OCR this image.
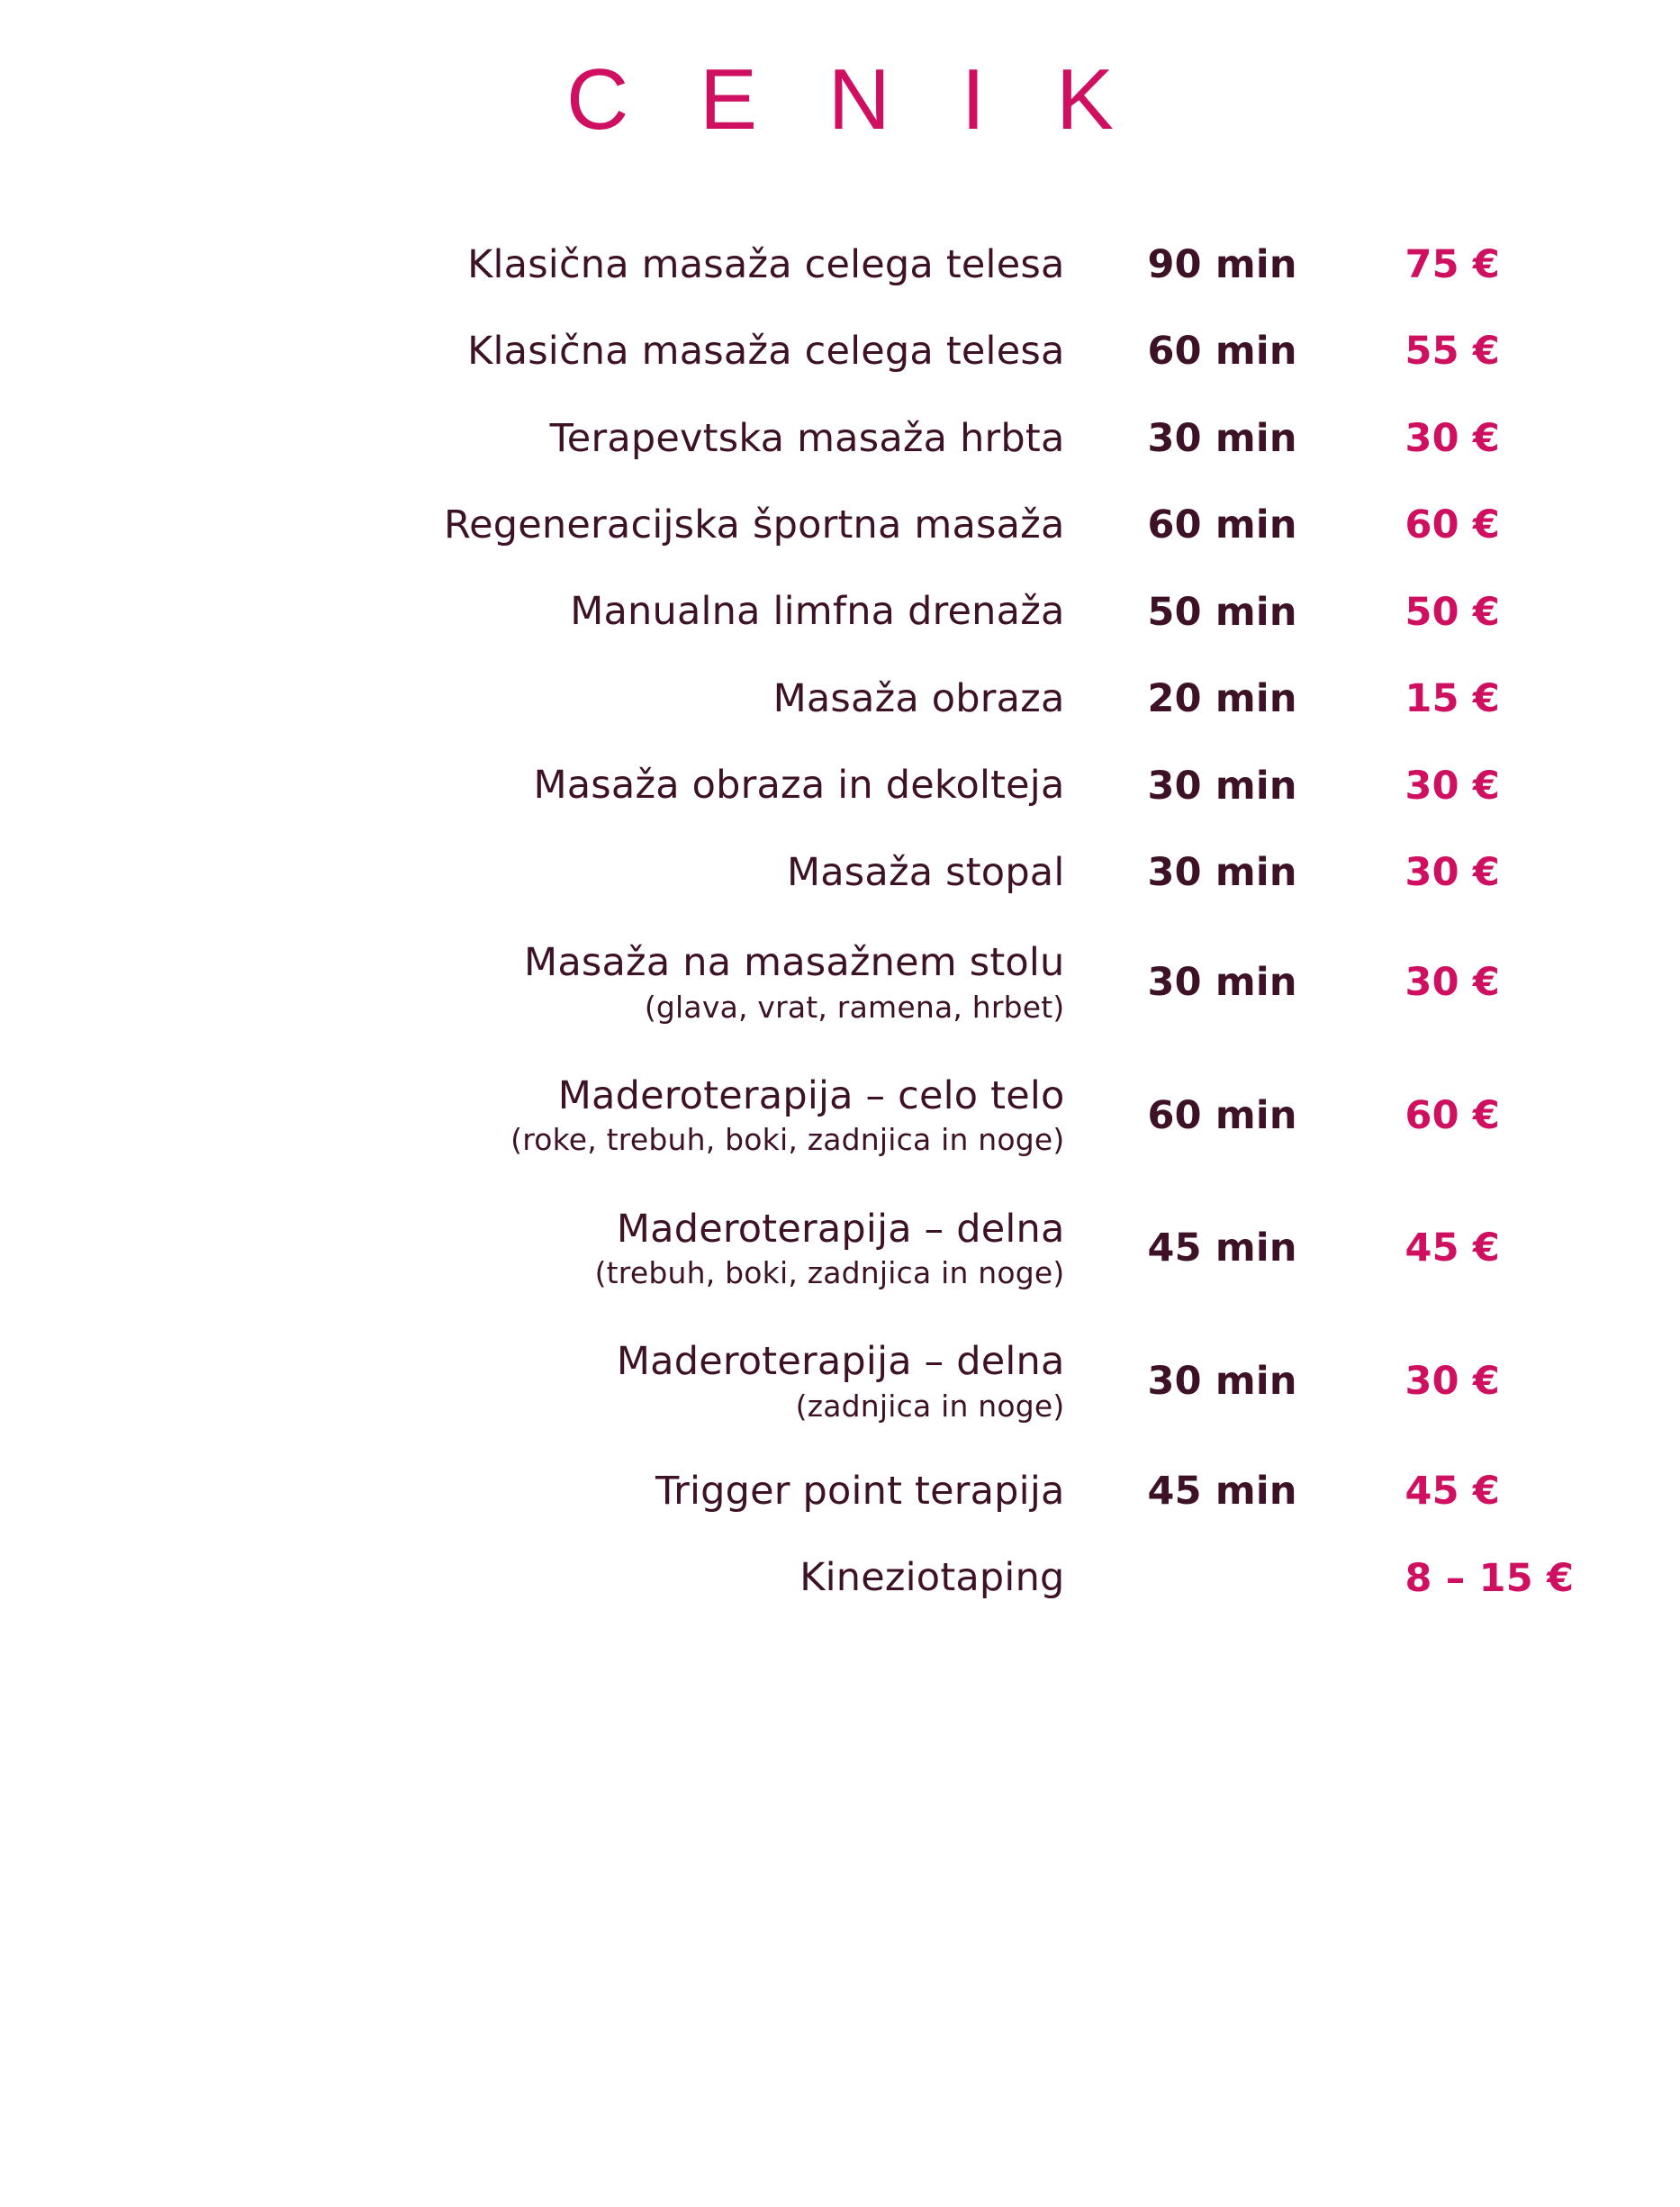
C E N I K
Klasična masaža celega telesa	90 min	75 €
Klasična masaža celega telesa	60 min	55 €
Terapevtska masaža hrbta	30 min	30 €
Regeneracijska športna masaža	60 min	60 €
Manualna limfna drenaža	50 min	50 €
Masaža obraza	20 min	15 €
Masaža obraza in dekolteja	30 min	30 €
Masaža stopal	30 min	30 €
Masaža na masažnem stolu
(glava, vrat, ramena, hrbet)	30 min	30 €
Maderoterapija – celo telo
(roke, trebuh, boki, zadnjica in noge)	60 min	60 €
Maderoterapija – delna
(trebuh, boki, zadnjica in noge)	45 min	45 €
Maderoterapija – delna
(zadnjica in noge)	30 min	30 €
Trigger point terapija	45 min	45 €
Kineziotaping		8 – 15 €
